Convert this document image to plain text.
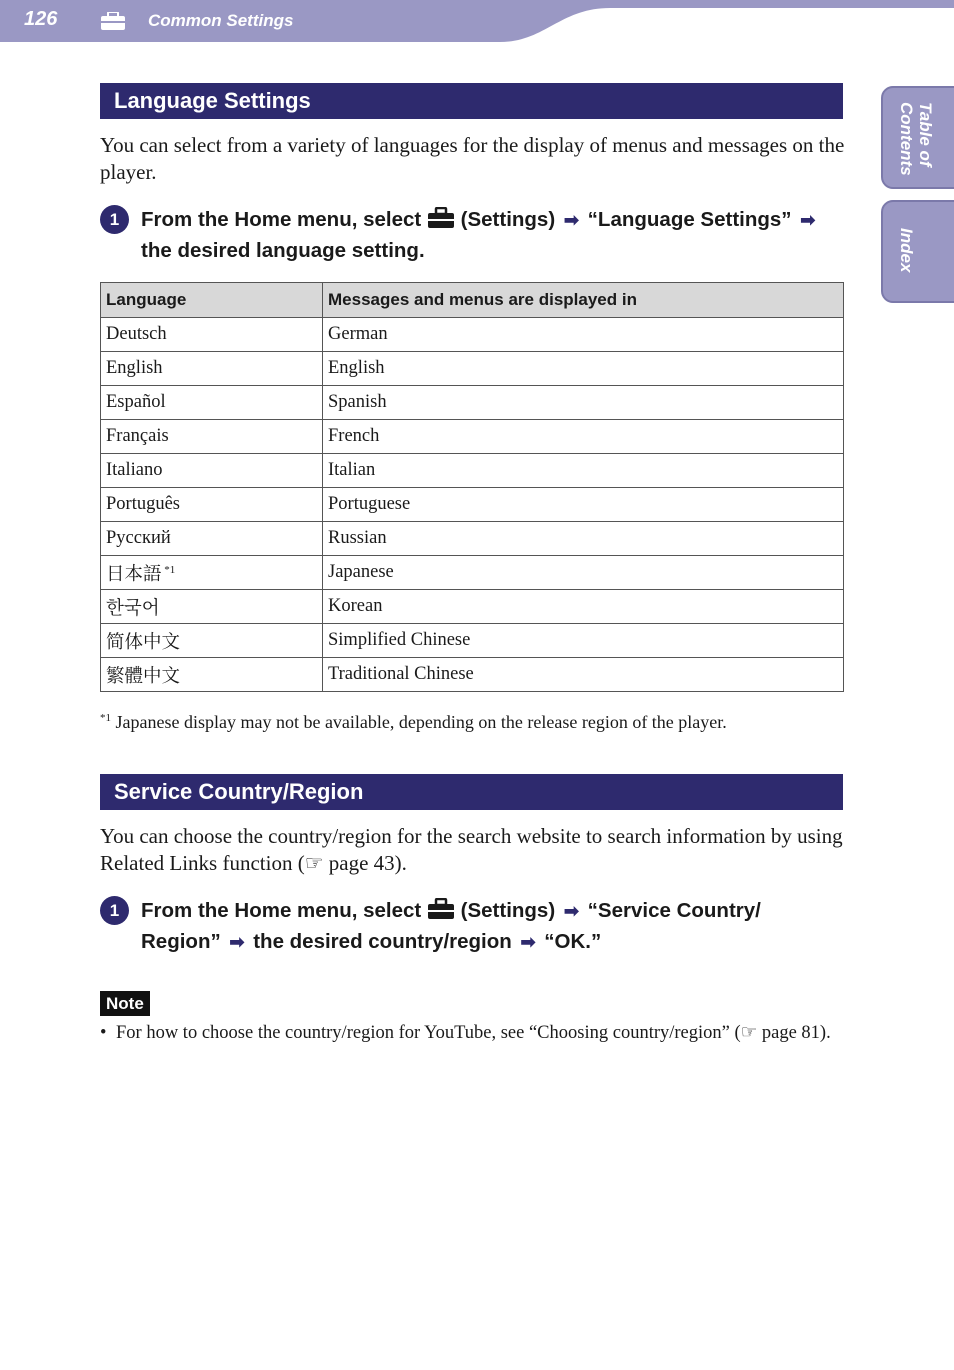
126	Common Settings
Table of
Contents
Index
Language Settings

You can select from a variety of languages for the display of menus and messages on the player.

1	From the Home menu, select (Settings) ➡ “Language Settings” ➡ the desired language setting.

Language	Messages and menus are displayed in
Deutsch	German
English	English
Español	Spanish
Français	French
Italiano	Italian
Português	Portuguese
Русский	Russian
日本語 $^{*1}$	Japanese
한국어	Korean
简体中文	Simplified Chinese
繁體中文	Traditional Chinese

$^{*1}$ Japanese display may not be available, depending on the release region of the player.

Service Country/Region

You can choose the country/region for the search website to search information by using Related Links function (☞ page 43).

1	From the Home menu, select (Settings) ➡ “Service Country/ Region” ➡ the desired country/region ➡ “OK.”

Note

• For how to choose the country/region for YouTube, see “Choosing country/region” (☞ page 81).
